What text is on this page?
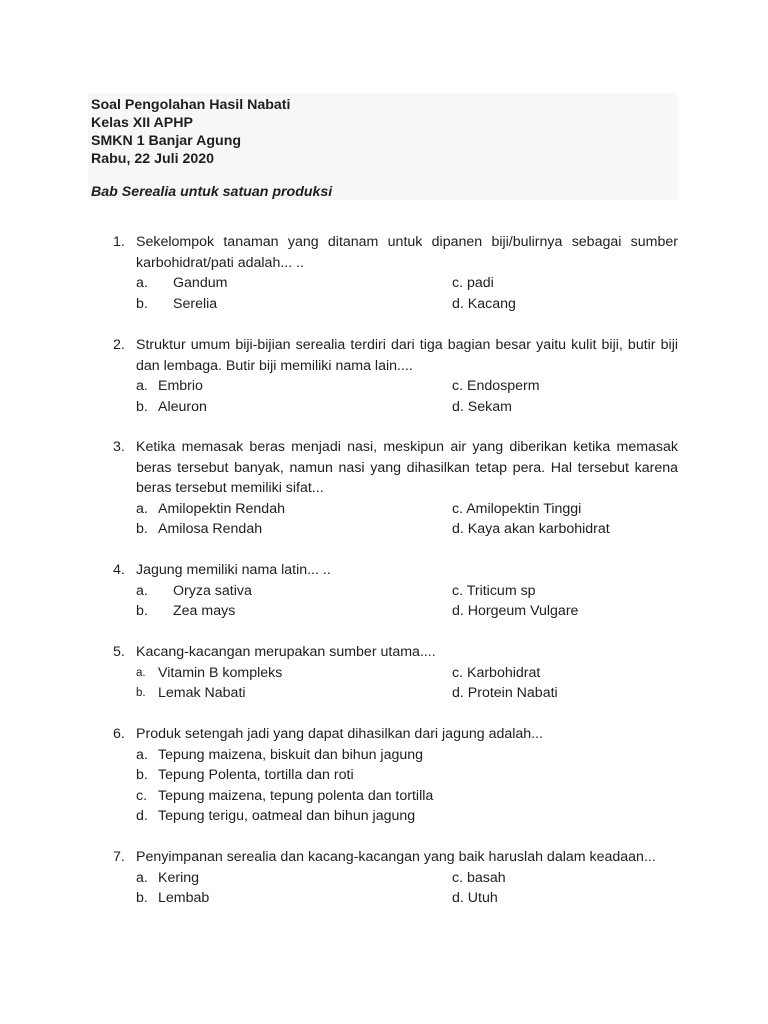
Soal Pengolahan Hasil Nabati
Kelas XII APHP
SMKN 1 Banjar Agung
Rabu, 22 Juli 2020
Bab Serealia untuk satuan produksi
1. Sekelompok tanaman yang ditanam untuk dipanen biji/bulirnya sebagai sumber karbohidrat/pati adalah... ..
a. Gandum	c. padi
b. Serelia	d. Kacang
2. Struktur umum biji-bijian serealia terdiri dari tiga bagian besar yaitu kulit biji, butir biji dan lembaga. Butir biji memiliki nama lain....
a. Embrio	c. Endosperm
b. Aleuron	d. Sekam
3. Ketika memasak beras menjadi nasi, meskipun air yang diberikan ketika memasak beras tersebut banyak, namun nasi yang dihasilkan tetap pera. Hal tersebut karena beras tersebut memiliki sifat...
a. Amilopektin Rendah	c. Amilopektin Tinggi
b. Amilosa Rendah	d. Kaya akan karbohidrat
4. Jagung memiliki nama latin... ..
a. Oryza sativa	c. Triticum sp
b. Zea mays	d. Horgeum Vulgare
5. Kacang-kacangan merupakan sumber utama....
a. Vitamin B kompleks	c. Karbohidrat
b. Lemak Nabati	d. Protein Nabati
6. Produk setengah jadi yang dapat dihasilkan dari jagung adalah...
a. Tepung maizena, biskuit dan bihun jagung
b. Tepung Polenta, tortilla dan roti
c. Tepung maizena, tepung polenta dan tortilla
d. Tepung terigu, oatmeal dan bihun jagung
7. Penyimpanan serealia dan kacang-kacangan yang baik haruslah dalam keadaan...
a. Kering	c. basah
b. Lembab	d. Utuh
